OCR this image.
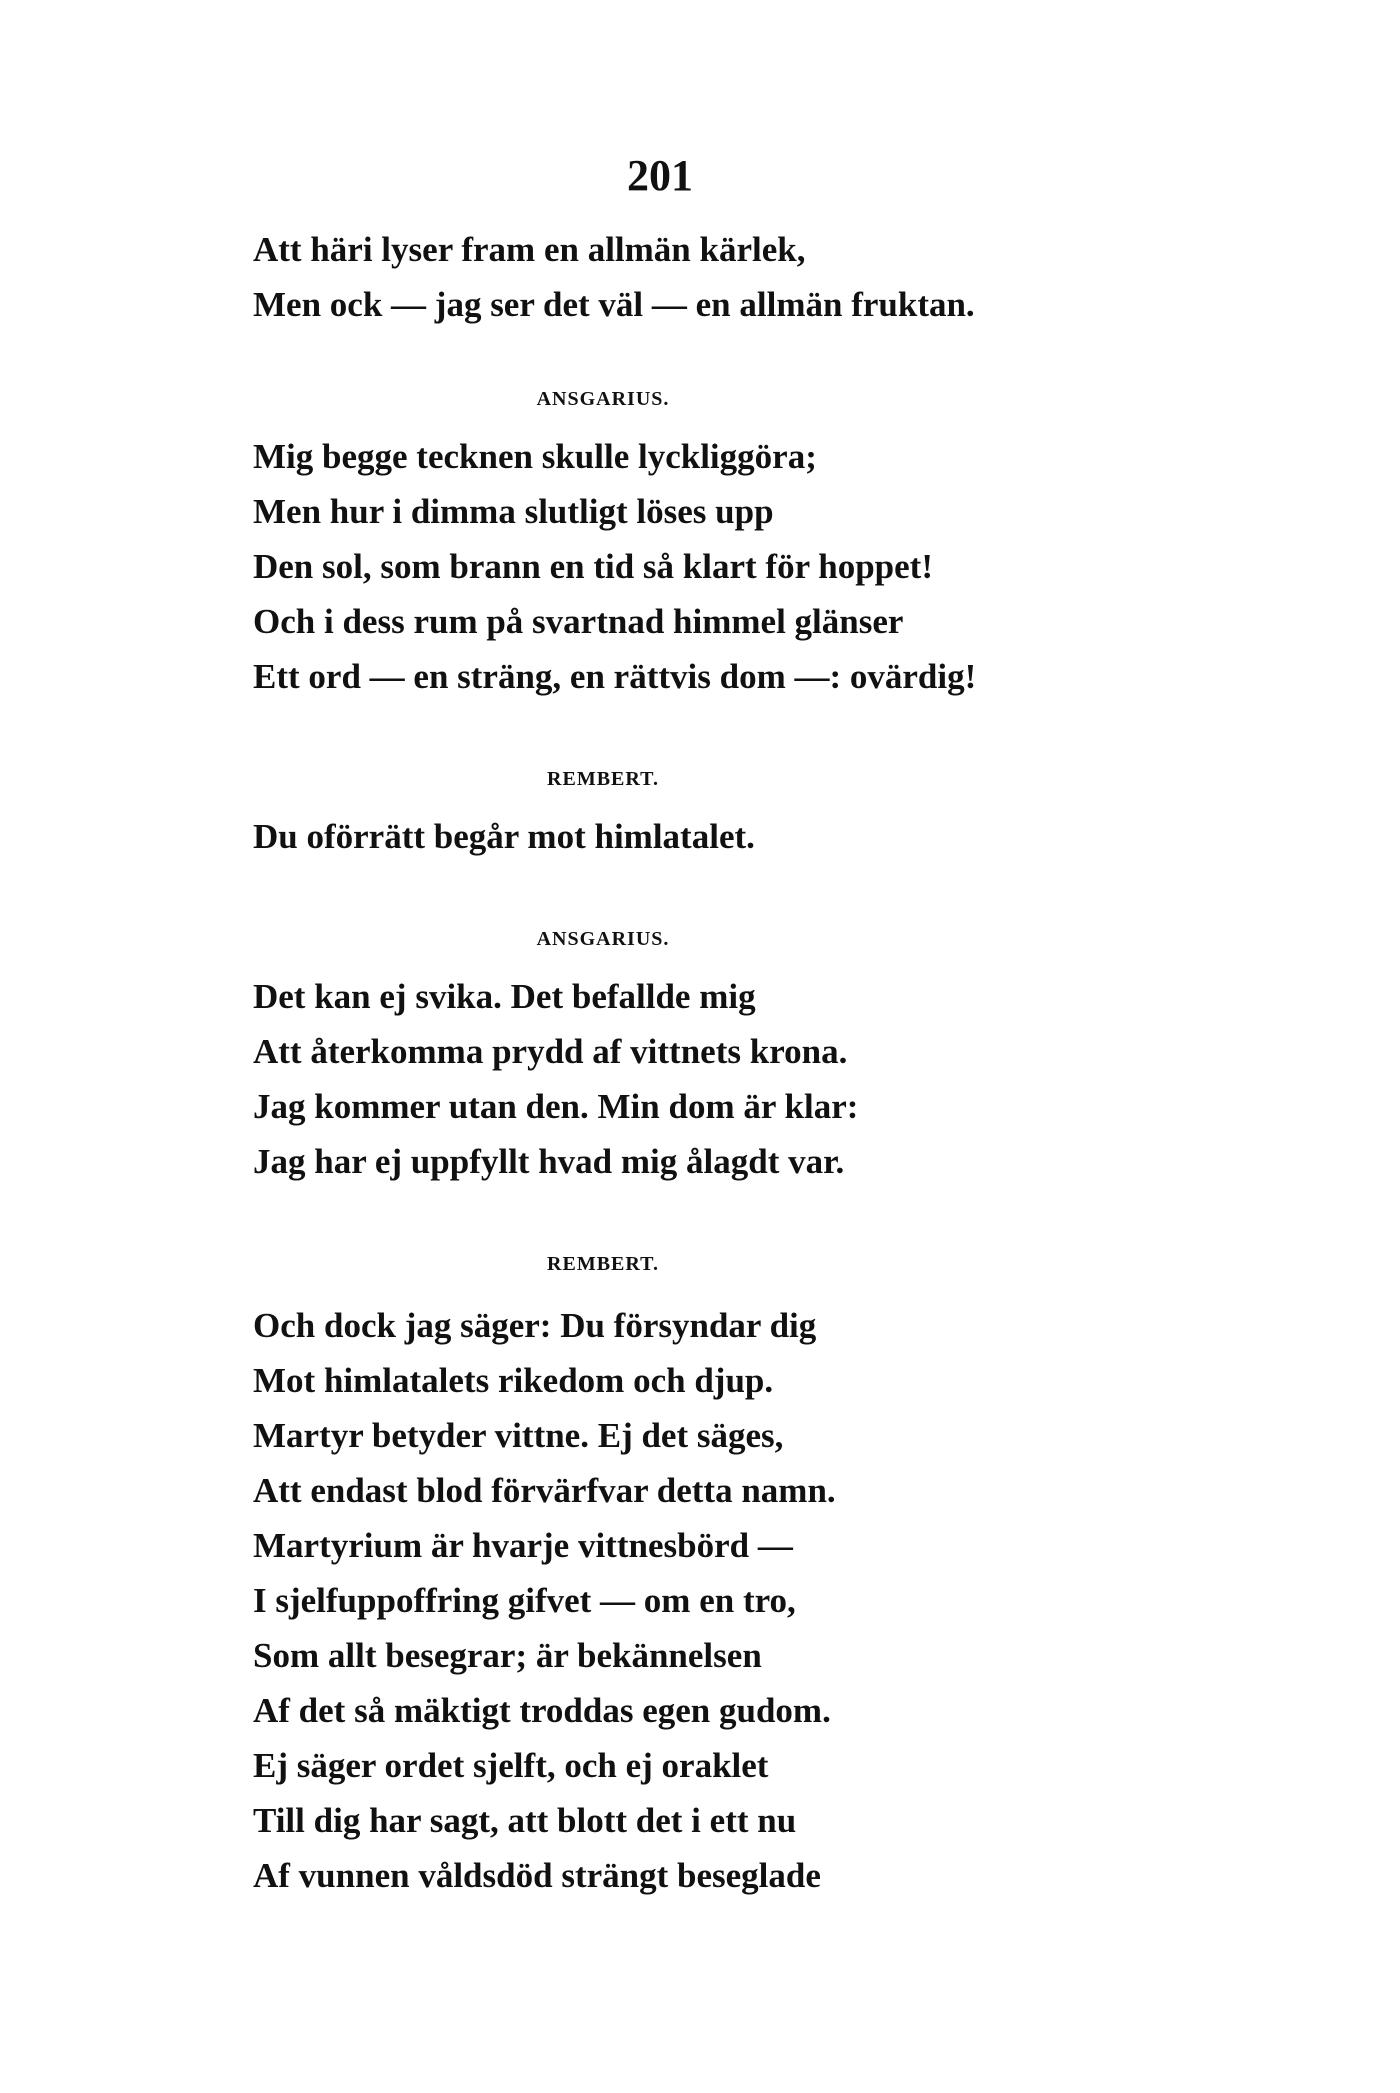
201
Att häri lyser fram en allmän kärlek,
Men ock — jag ser det väl — en allmän fruktan.
ANSGARIUS.
Mig begge tecknen skulle lyckliggöra;
Men hur i dimma slutligt löses upp
Den sol, som brann en tid så klart för hoppet!
Och i dess rum på svartnad himmel glänser
Ett ord — en sträng, en rättvis dom —: ovärdig!
REMBERT.
Du oförrätt begår mot himlatalet.
ANSGARIUS.
Det kan ej svika. Det befallde mig
Att återkomma prydd af vittnets krona.
Jag kommer utan den. Min dom är klar:
Jag har ej uppfyllt hvad mig ålagdt var.
REMBERT.
Och dock jag säger: Du försyndar dig
Mot himlatalets rikedom och djup.
Martyr betyder vittne. Ej det säges,
Att endast blod förvärfvar detta namn.
Martyrium är hvarje vittnesbörd —
I sjelfuppoffring gifvet — om en tro,
Som allt besegrar; är bekännelsen
Af det så mäktigt troddas egen gudom.
Ej säger ordet sjelft, och ej oraklet
Till dig har sagt, att blott det i ett nu
Af vunnen våldsdöd strängt beseglade
